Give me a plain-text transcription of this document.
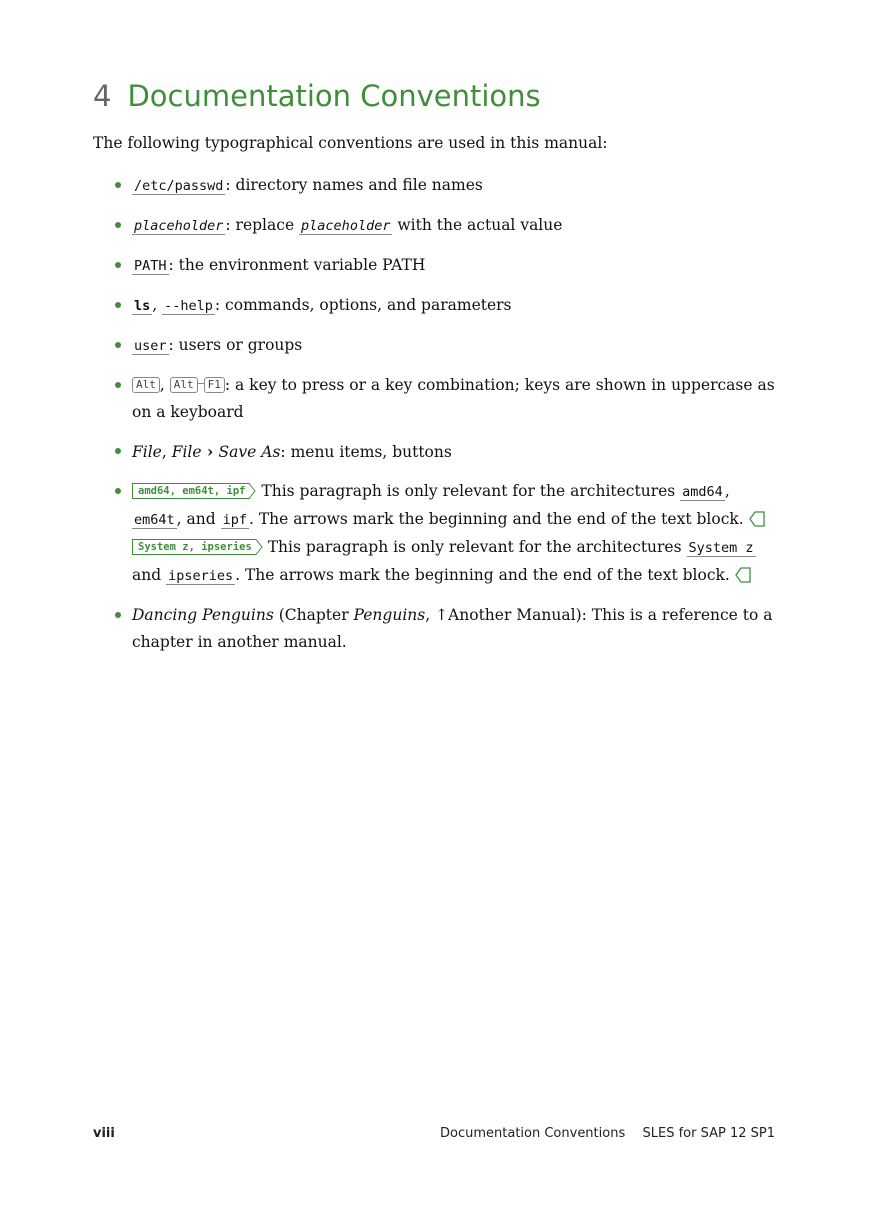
4 Documentation Conventions

The following typographical conventions are used in this manual:

/etc/passwd : directory names and file names
placeholder : replace placeholder with the actual value
PATH : the environment variable PATH
ls , --help : commands, options, and parameters
user : users or groups
Alt , Alt F1 : a key to press or a key combination; keys are shown in uppercase as on a keyboard
File, File › Save As: menu items, buttons
amd64, em64t, ipf This paragraph is only relevant for the architectures amd64 , em64t , and ipf . The arrows mark the beginning and the end of the text block.

System z, ipseries This paragraph is only relevant for the architectures System z and ipseries . The arrows mark the beginning and the end of the text block.
Dancing Penguins (Chapter Penguins, ↑Another Manual): This is a reference to a chapter in another manual.
viii	Documentation Conventions SLES for SAP 12 SP1
